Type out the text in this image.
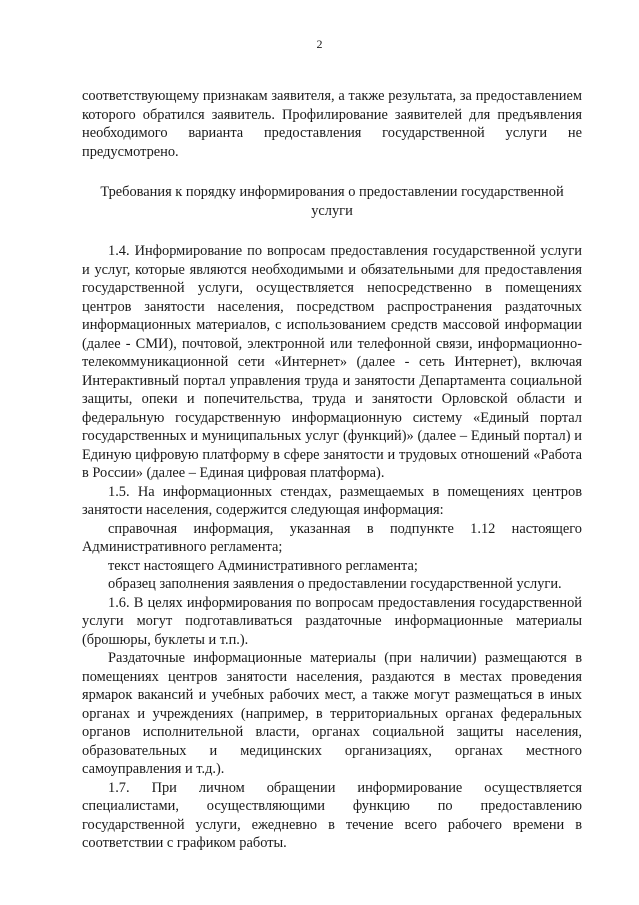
2

соответствующему признакам заявителя, а также результата, за предоставлением которого обратился заявитель. Профилирование заявителей для предъявления необходимого варианта предоставления государственной услуги не предусмотрено.

Требования к порядку информирования о предоставлении государственной услуги

1.4. Информирование по вопросам предоставления государственной услуги и услуг, которые являются необходимыми и обязательными для предоставления государственной услуги, осуществляется непосредственно в помещениях центров занятости населения, посредством распространения раздаточных информационных материалов, с использованием средств массовой информации (далее - СМИ), почтовой, электронной или телефонной связи, информационно-телекоммуникационной сети «Интернет» (далее - сеть Интернет), включая Интерактивный портал управления труда и занятости Департамента социальной защиты, опеки и попечительства, труда и занятости Орловской области и федеральную государственную информационную систему «Единый портал государственных и муниципальных услуг (функций)» (далее – Единый портал) и Единую цифровую платформу в сфере занятости и трудовых отношений «Работа в России» (далее – Единая цифровая платформа).

1.5. На информационных стендах, размещаемых в помещениях центров занятости населения, содержится следующая информация:

справочная информация, указанная в подпункте 1.12 настоящего Административного регламента;

текст настоящего Административного регламента;

образец заполнения заявления о предоставлении государственной услуги.

1.6. В целях информирования по вопросам предоставления государственной услуги могут подготавливаться раздаточные информационные материалы (брошюры, буклеты и т.п.).

Раздаточные информационные материалы (при наличии) размещаются в помещениях центров занятости населения, раздаются в местах проведения ярмарок вакансий и учебных рабочих мест, а также могут размещаться в иных органах и учреждениях (например, в территориальных органах федеральных органов исполнительной власти, органах социальной защиты населения, образовательных и медицинских организациях, органах местного самоуправления и т.д.).

1.7. При личном обращении информирование осуществляется специалистами, осуществляющими функцию по предоставлению государственной услуги, ежедневно в течение всего рабочего времени в соответствии с графиком работы.
